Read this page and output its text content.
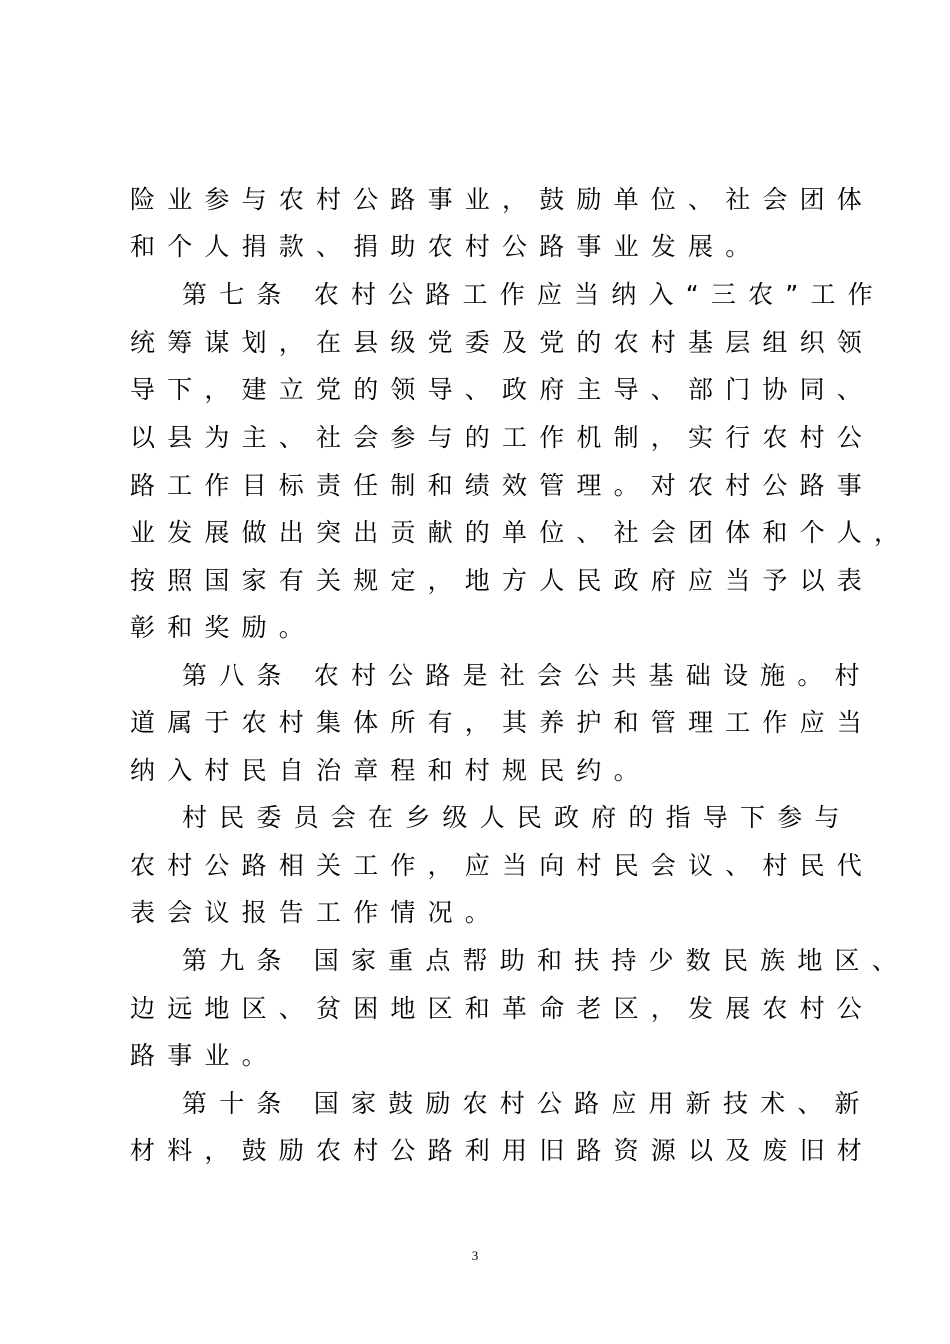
险业参与农村公路事业，鼓励单位、社会团体
和个人捐款、捐助农村公路事业发展。
第七条 农村公路工作应当纳入“三农”工作
统筹谋划，在县级党委及党的农村基层组织领
导下，建立党的领导、政府主导、部门协同、
以县为主、社会参与的工作机制，实行农村公
路工作目标责任制和绩效管理。对农村公路事
业发展做出突出贡献的单位、社会团体和个人，
按照国家有关规定，地方人民政府应当予以表
彰和奖励。
第八条 农村公路是社会公共基础设施。村
道属于农村集体所有，其养护和管理工作应当
纳入村民自治章程和村规民约。
村民委员会在乡级人民政府的指导下参与
农村公路相关工作，应当向村民会议、村民代
表会议报告工作情况。
第九条 国家重点帮助和扶持少数民族地区、
边远地区、贫困地区和革命老区，发展农村公
路事业。
第十条 国家鼓励农村公路应用新技术、新
材料，鼓励农村公路利用旧路资源以及废旧材
3
